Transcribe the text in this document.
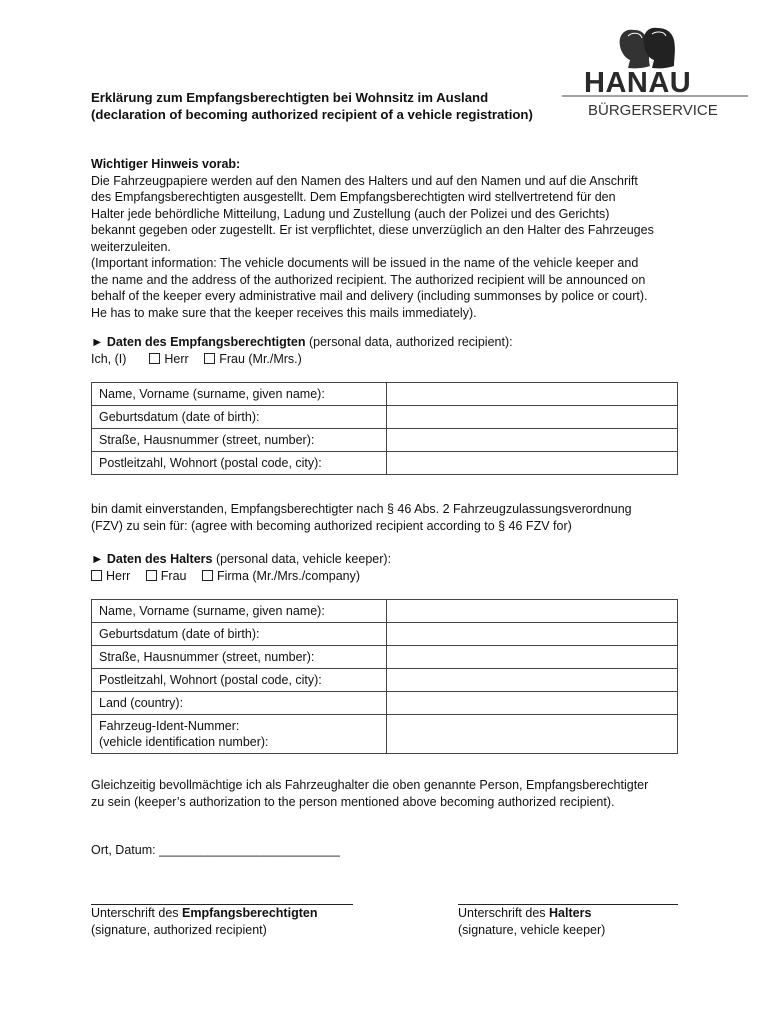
HANAU
BÜRGERSERVICE
Erklärung zum Empfangsberechtigten bei Wohnsitz im Ausland
(declaration of becoming authorized recipient of a vehicle registration)
Wichtiger Hinweis vorab:
Die Fahrzeugpapiere werden auf den Namen des Halters und auf den Namen und auf die Anschrift
des Empfangsberechtigten ausgestellt. Dem Empfangsberechtigten wird stellvertretend für den
Halter jede behördliche Mitteilung, Ladung und Zustellung (auch der Polizei und des Gerichts)
bekannt gegeben oder zugestellt. Er ist verpflichtet, diese unverzüglich an den Halter des Fahrzeuges
weiterzuleiten.
(Important information: The vehicle documents will be issued in the name of the vehicle keeper and
the name and the address of the authorized recipient. The authorized recipient will be announced on
behalf of the keeper every administrative mail and delivery (including summonses by police or court).
He has to make sure that the keeper receives this mails immediately).
► Daten des Empfangsberechtigten (personal data, authorized recipient):
Ich, (I)	Herr Frau (Mr./Mrs.)
Name, Vorname (surname, given name):	
Geburtsdatum (date of birth):	
Straße, Hausnummer (street, number):	
Postleitzahl, Wohnort (postal code, city):	
bin damit einverstanden, Empfangsberechtigter nach § 46 Abs. 2 Fahrzeugzulassungsverordnung
(FZV) zu sein für: (agree with becoming authorized recipient according to § 46 FZV for)
► Daten des Halters (personal data, vehicle keeper):
Herr Frau Firma (Mr./Mrs./company)
Name, Vorname (surname, given name):	
Geburtsdatum (date of birth):	
Straße, Hausnummer (street, number):	
Postleitzahl, Wohnort (postal code, city):	
Land (country):	

Fahrzeug-Ident-Nummer:
(vehicle identification number):	

Gleichzeitig bevollmächtige ich als Fahrzeughalter die oben genannte Person, Empfangsberechtigter
zu sein (keeper’s authorization to the person mentioned above becoming authorized recipient).
Ort, Datum: __________________________
Unterschrift des Empfangsberechtigten
(signature, authorized recipient)
Unterschrift des Halters
(signature, vehicle keeper)
